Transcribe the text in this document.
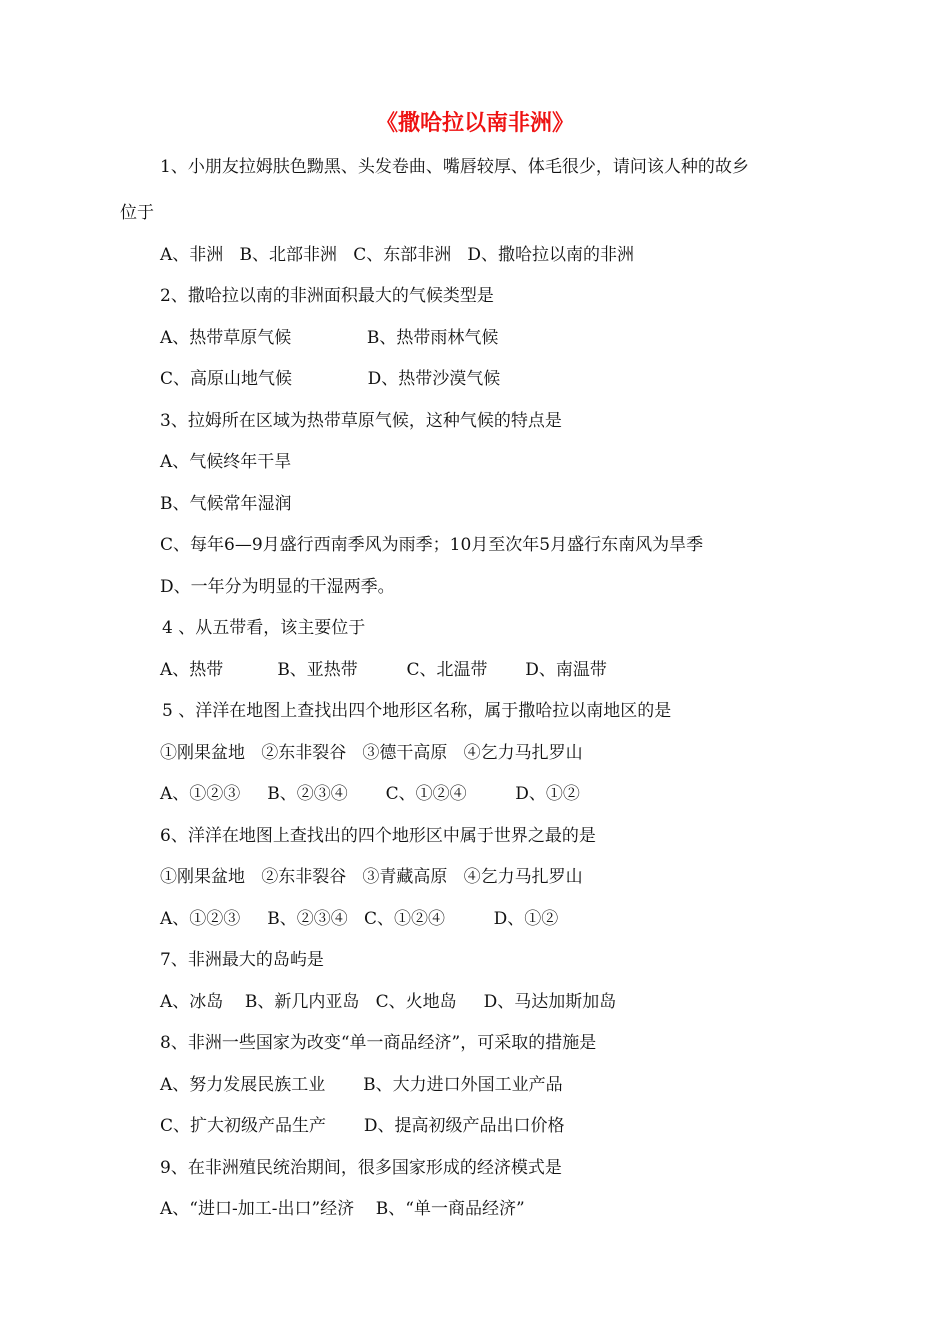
《撒哈拉以南非洲》
1、小朋友拉姆肤色黝黑、头发卷曲、嘴唇较厚、体毛很少，请问该人种的故乡
位于
A、非洲   B、北部非洲   C、东部非洲   D、撒哈拉以南的非洲
2、撒哈拉以南的非洲面积最大的气候类型是
A、热带草原气候              B、热带雨林气候
C、高原山地气候              D、热带沙漠气候
3、拉姆所在区域为热带草原气候，这种气候的特点是
A、气候终年干旱
B、气候常年湿润
C、每年6—9月盛行西南季风为雨季；10月至次年5月盛行东南风为旱季
D、一年分为明显的干湿两季。
4 、从五带看，该主要位于
A、热带          B、亚热带         C、北温带       D、南温带
5 、洋洋在地图上查找出四个地形区名称，属于撒哈拉以南地区的是
①刚果盆地   ②东非裂谷   ③德干高原   ④乞力马扎罗山
A、①②③     B、②③④       C、①②④         D、①②
6、洋洋在地图上查找出的四个地形区中属于世界之最的是
①刚果盆地   ②东非裂谷   ③青藏高原   ④乞力马扎罗山
A、①②③     B、②③④   C、①②④         D、①②
7、非洲最大的岛屿是
A、冰岛    B、新几内亚岛   C、火地岛     D、马达加斯加岛
8、非洲一些国家为改变“单一商品经济”，可采取的措施是
A、努力发展民族工业       B、大力进口外国工业产品
C、扩大初级产品生产       D、提高初级产品出口价格
9、在非洲殖民统治期间，很多国家形成的经济模式是
A、“进口-加工-出口”经济    B、“单一商品经济”
